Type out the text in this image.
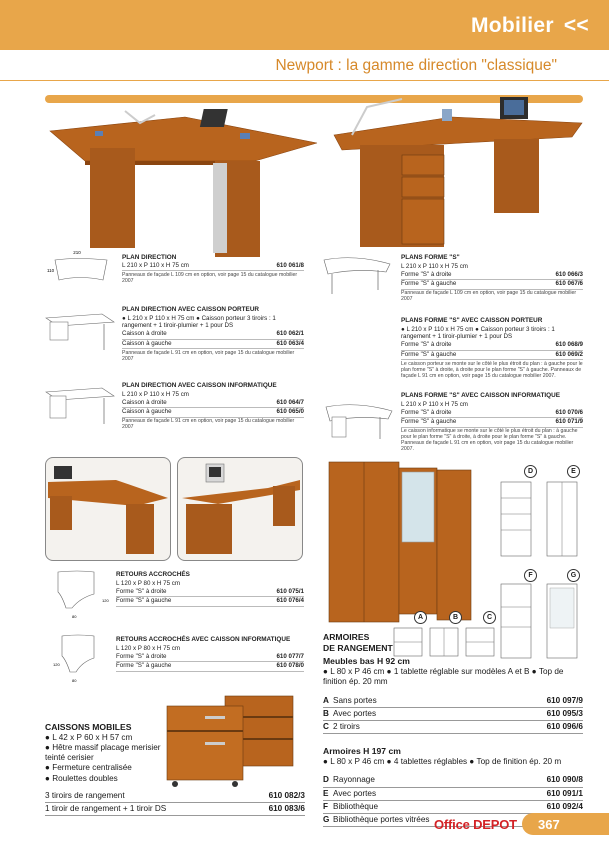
Mobilier <<
Newport : la gamme direction "classique"
210
110
PLAN DIRECTION
L 210 x P 110 x H 75 cm	610 061/8
Panneaux de façade L 109 cm en option, voir page 15 du catalogue mobilier 2007
PLANS FORME "S"
L 210 x P 110 x H 75 cm
Forme "S" à droite	610 066/3
Forme "S" à gauche	610 067/6
Panneaux de façade L 109 cm en option, voir page 15 du catalogue mobilier 2007
PLAN DIRECTION AVEC CAISSON PORTEUR
● L 210 x P 110 x H 75 cm ● Caisson porteur 3 tiroirs : 1 rangement + 1 tiroir-plumier + 1 pour DS
Caisson à droite	610 062/1
Caisson à gauche	610 063/4
Panneaux de façade L 91 cm en option, voir page 15 du catalogue mobilier 2007
PLANS FORME "S" AVEC CAISSON PORTEUR
● L 210 x P 110 x H 75 cm ● Caisson porteur 3 tiroirs : 1 rangement + 1 tiroir-plumier + 1 pour DS
Forme "S" à droite	610 068/9
Forme "S" à gauche	610 069/2
Le caisson porteur se monte sur le côté le plus étroit du plan : à gauche pour le plan forme "S" à droite, à droite pour le plan forme "S" à gauche. Panneaux de façade L 91 cm en option, voir page 15 du catalogue mobilier 2007.
PLAN DIRECTION AVEC CAISSON INFORMATIQUE
L 210 x P 110 x H 75 cm
Caisson à droite	610 064/7
Caisson à gauche	610 065/0
Panneaux de façade L 91 cm en option, voir page 15 du catalogue mobilier 2007
PLANS FORME "S" AVEC CAISSON INFORMATIQUE
L 210 x P 110 x H 75 cm
Forme "S" à droite	610 070/6
Forme "S" à gauche	610 071/9
Le caisson informatique se monte sur le côté le plus étroit du plan : à gauche pour le plan forme "S" à droite, à droite pour le plan forme "S" à gauche. Panneaux de façade L 91 cm en option, voir page 15 du catalogue mobilier 2007.
120
80
RETOURS ACCROCHÉS
L 120 x P 80 x H 75 cm
Forme "S" à droite	610 075/1
Forme "S" à gauche	610 076/4
120
80
RETOURS ACCROCHÉS AVEC CAISSON INFORMATIQUE
L 120 x P 80 x H 75 cm
Forme "S" à droite	610 077/7
Forme "S" à gauche	610 078/0
CAISSONS MOBILES
● L 42 x P 60 x H 57 cm
● Hêtre massif placage merisier teinté cerisier
● Fermeture centralisée
● Roulettes doubles
3 tiroirs de rangement	610 082/3
1 tiroir de rangement + 1 tiroir DS	610 083/6
A	B	C
D	E
F	G
ARMOIRES
DE RANGEMENT
Meubles bas H 92 cm
● L 80 x P 46 cm ● 1 tablette réglable sur modèles A et B ● Top de finition ép. 20 mm
A Sans portes	610 097/9
B Avec portes	610 095/3
C 2 tiroirs	610 096/6
Armoires H 197 cm
● L 80 x P 46 cm ● 4 tablettes réglables ● Top de finition ép. 20 m
D Rayonnage	610 090/8
E Avec portes	610 091/1
F Bibliothèque	610 092/4
G Bibliothèque portes vitrées Office DEPOT 367
